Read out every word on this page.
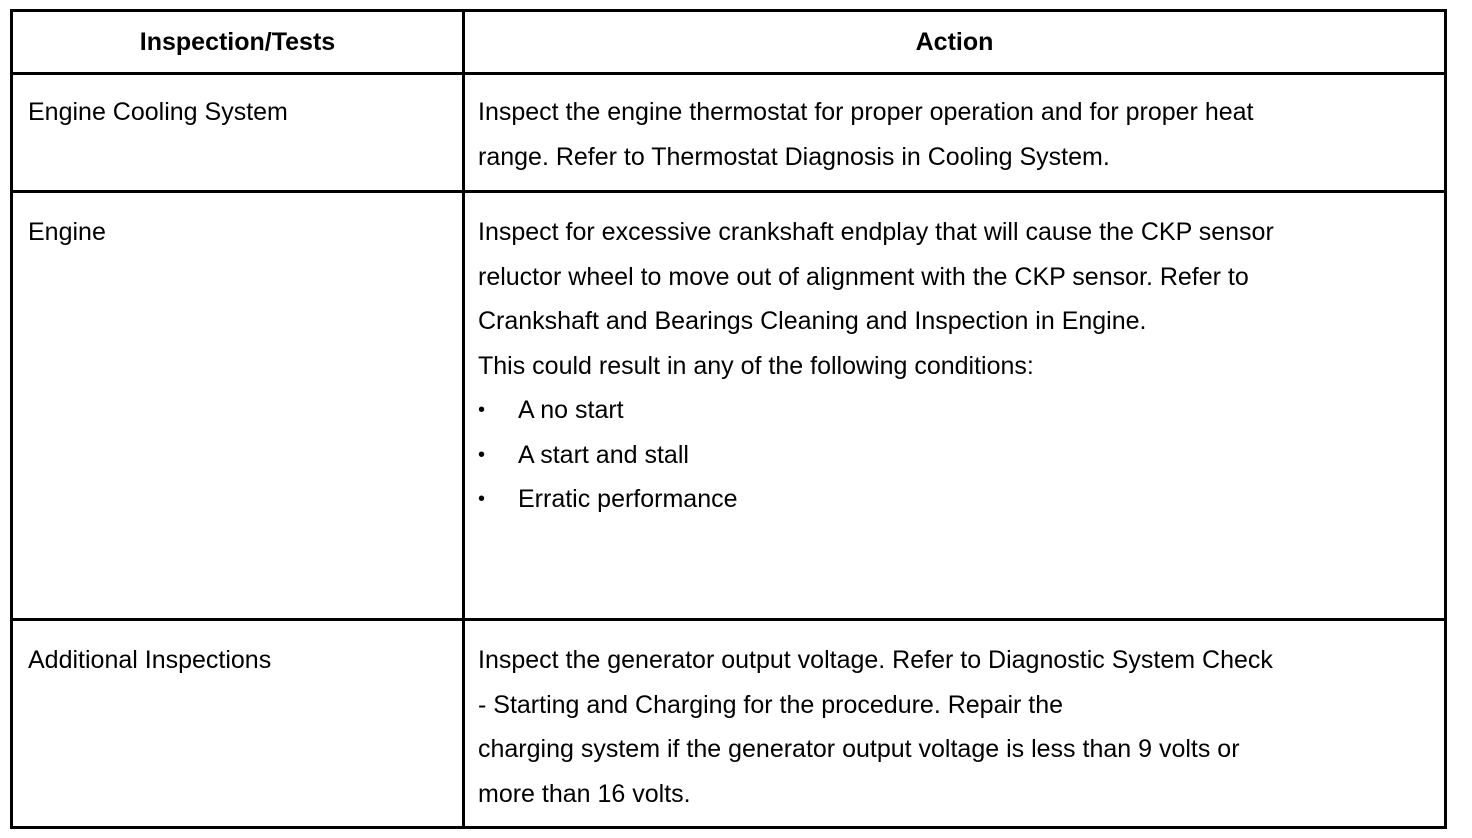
Inspection/Tests	Action
Engine Cooling System	Inspect the engine thermostat for proper operation and for proper heat
range. Refer to Thermostat Diagnosis in Cooling System.
Engine	Inspect for excessive crankshaft endplay that will cause the CKP sensor
reluctor wheel to move out of alignment with the CKP sensor. Refer to
Crankshaft and Bearings Cleaning and Inspection in Engine.
This could result in any of the following conditions:
•	A no start
•	A start and stall
•	Erratic performance
Additional Inspections	Inspect the generator output voltage. Refer to Diagnostic System Check
- Starting and Charging for the procedure. Repair the
charging system if the generator output voltage is less than 9 volts or
more than 16 volts.
